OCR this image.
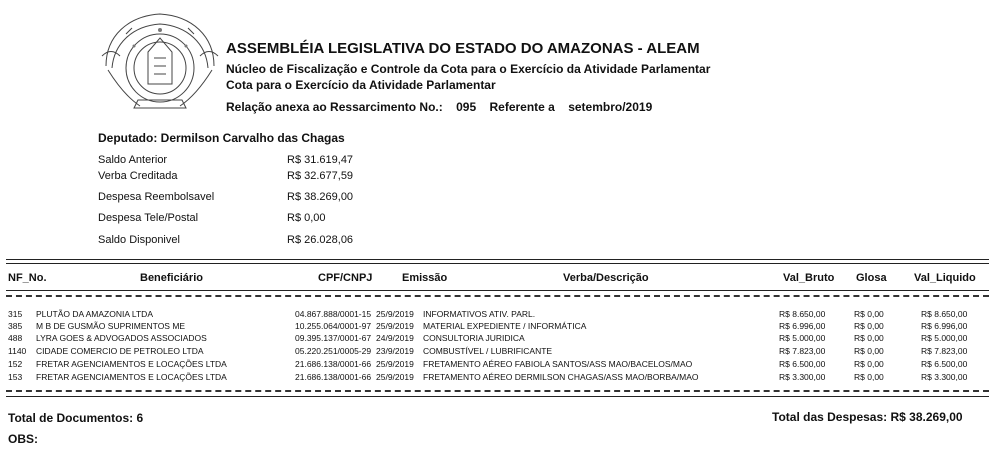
ASSEMBLÉIA LEGISLATIVA DO ESTADO DO AMAZONAS - ALEAM
Núcleo de Fiscalização e Controle da Cota para o Exercício da Atividade Parlamentar
Cota para o Exercício da Atividade Parlamentar
Relação anexa ao Ressarcimento No.: 095 Referente a setembro/2019
Deputado: Dermilson Carvalho das Chagas
Saldo Anterior	R$ 31.619,47
Verba Creditada	R$ 32.677,59
Despesa Reembolsavel	R$ 38.269,00
Despesa Tele/Postal	R$ 0,00
Saldo Disponivel	R$ 26.028,06
NF_No.	Beneficiário	CPF/CNPJ	Emissão	Verba/Descrição	Val_Bruto Glosa Val_Liquido
315 PLUTÃO DA AMAZONIA LTDA	04.867.888/0001-15 25/9/2019 INFORMATIVOS ATIV. PARL.	R$ 8.650,00	R$ 0,00	R$ 8.650,00
385 M B DE GUSMÃO SUPRIMENTOS ME	10.255.064/0001-97 25/9/2019 MATERIAL EXPEDIENTE / INFORMÁTICA	R$ 6.996,00	R$ 0,00	R$ 6.996,00
488 LYRA GOES & ADVOGADOS ASSOCIADOS	09.395.137/0001-67 24/9/2019 CONSULTORIA JURIDICA	R$ 5.000,00	R$ 0,00	R$ 5.000,00
1140 CIDADE COMERCIO DE PETROLEO LTDA	05.220.251/0005-29 23/9/2019 COMBUSTÍVEL / LUBRIFICANTE	R$ 7.823,00	R$ 0,00	R$ 7.823,00
152 FRETAR AGENCIAMENTOS E LOCAÇÕES LTDA	21.686.138/0001-66 25/9/2019 FRETAMENTO AÉREO FABIOLA SANTOS/ASS MAO/BACELOS/MAO	R$ 6.500,00	R$ 0,00	R$ 6.500,00
153 FRETAR AGENCIAMENTOS E LOCAÇÕES LTDA	21.686.138/0001-66 25/9/2019 FRETAMENTO AÉREO DERMILSON CHAGAS/ASS MAO/BORBA/MAO	R$ 3.300,00	R$ 0,00	R$ 3.300,00
Total de Documentos: 6	Total das Despesas: R$ 38.269,00
OBS:
